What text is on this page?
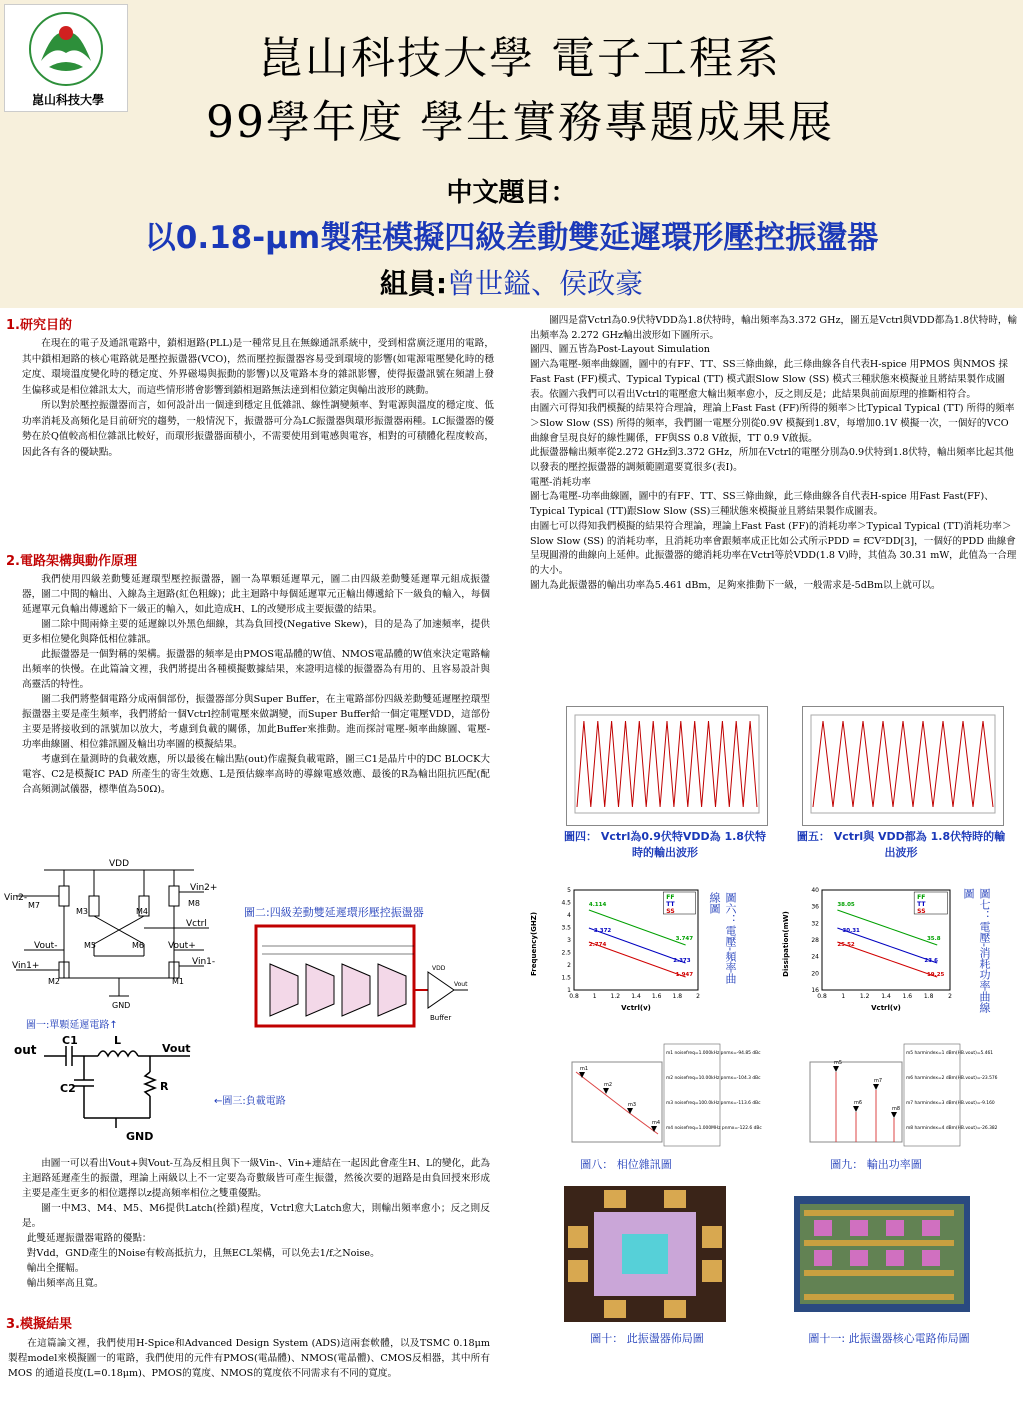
崑山科技大學
崑山科技大學 電子工程系
99學年度 學生實務專題成果展
中文題目：
以0.18-μm製程模擬四級差動雙延遲環形壓控振盪器
組員:曾世鎰、侯政豪
1.研究目的

在現在的電子及通訊電路中，鎖相迴路(PLL)是一種常見且在無線通訊系統中，受到相當廣泛運用的電路，其中鎖相迴路的核心電路就是壓控振盪器(VCO)，然而壓控振盪器容易受到環境的影響(如電源電壓變化時的穩定度、環境溫度變化時的穩定度、外界磁場與振動的影響)以及電路本身的雜訊影響，使得振盪訊號在頻譜上發生偏移或是相位雜訊太大，而這些情形將會影響到鎖相迴路無法達到相位鎖定與輸出波形的跳動。

所以對於壓控振盪器而言，如何設計出一個達到穩定且低雜訊、線性調變頻率、對電源與溫度的穩定度、低功率消耗及高頻化是目前研究的趨勢，一般情況下，振盪器可分為LC振盪器與環形振盪器兩種。LC振盪器的優勢在於Q值較高相位雜訊比較好，而環形振盪器面積小，不需要使用到電感與電容，相對的可積體化程度較高，因此各有各的優缺點。

2.電路架構與動作原理

我們使用四級差動雙延遲環型壓控振盪器，圖一為單顆延遲單元，圖二由四級差動雙延遲單元組成振盪器，圖二中間的輸出、入線為主迴路(紅色粗線)；此主迴路中每個延遲單元正輸出傳遞給下一級負的輸入，每個延遲單元負輸出傳遞給下一級正的輸入，如此造成H、L的改變形成主要振盪的結果。

圖二除中間兩條主要的延遲線以外黑色細線，其為負回授(Negative Skew)，目的是為了加速頻率，提供更多相位變化與降低相位雜訊。

此振盪器是一個對稱的架構。振盪器的頻率是由PMOS電晶體的W值、NMOS電晶體的W值來決定電路輸出頻率的快慢。在此篇論文裡，我們將提出各種模擬數據結果，來證明這樣的振盪器為有用的、且容易設計與高靈活的特性。

圖二我們將整個電路分成兩個部份，振盪器部分與Super Buffer，在主電路部份四級差動雙延遲壓控環型振盪器主要是產生頻率，我們將給一個Vctrl控制電壓來做調變，而Super Buffer給一個定電壓VDD，這部份主要是將接收到的訊號加以放大，考慮到負載的關係，加此Buffer來推動。進而探討電壓-頻率曲線圖、電壓-功率曲線圖、相位雜訊圖及輸出功率圖的模擬結果。

考慮到在量測時的負載效應，所以最後在輸出點(out)作虛擬負載電路，圖三C1是晶片中的DC BLOCK大電容、C2是模擬IC PAD 所產生的寄生效應、L是預估線率高時的導線電感效應、最後的R為輸出阻抗匹配(配合高頻測試儀器，標準值為50Ω)。

VDD
GND
Vin2+
Vin2-
Vctrl
Vout-	Vout+
Vin1+	Vin1-
M1
M2
M3	M4
M5	M6
M7	M8
圖一:單顆延遲電路↑
圖二:四級差動雙延遲環形壓控振盪器
Buffer
VDD
Vout
out
C1	L
Vout
C2	R
GND
←圖三:負載電路

由圖一可以看出Vout+與Vout-互為反相且與下一級Vin-、Vin+連結在一起因此會產生H、L的變化，此為主迴路延遲產生的振盪，理論上兩級以上不一定要為奇數級皆可產生振盪，然後次要的迴路是由負回授來形成主要是產生更多的相位選擇以z提高頻率相位之雙重優點。

圖一中M3、M4、M5、M6提供Latch(拴鎖)程度，Vctrl愈大Latch愈大，則輸出頻率愈小；反之則反是。

此雙延遲振盪器電路的優點：

對Vdd，GND產生的Noise有較高抵抗力，且無ECL架構，可以免去1/f之Noise。

輸出全擺幅。

輸出頻率高且寬。

3.模擬結果

在這篇論文裡，我們使用H-Spice和Advanced Design System (ADS)這兩套軟體，以及TSMC 0.18μm製程model來模擬圖一的電路，我們使用的元件有PMOS(電晶體)、NMOS(電晶體)、CMOS反相器，其中所有MOS 的通道長度(L=0.18μm)、PMOS的寬度、NMOS的寬度依不同需求有不同的寬度。

圖四是當Vctrl為0.9伏特VDD為1.8伏特時，輸出頻率為3.372 GHz，圖五是Vctrl與VDD都為1.8伏特時，輸出頻率為 2.272 GHz輸出波形如下圖所示。

圖四、圖五皆為Post-Layout Simulation

圖六為電壓-頻率曲線圖，圖中的有FF、TT、SS三條曲線，此三條曲線各自代表H-spice 用PMOS 與NMOS 採Fast Fast (FF)模式、Typical Typical (TT) 模式跟Slow Slow (SS) 模式三種狀態來模擬並且將結果製作成圖表。依圖六我們可以看出Vctrl的電壓愈大輸出頻率愈小，反之則反是；此結果與前面原理的推斷相符合。

由圖六可得知我們模擬的結果符合理論，理論上Fast Fast (FF)所得的頻率＞比Typical Typical (TT) 所得的頻率＞Slow Slow (SS) 所得的頻率，我們圖一電壓分別從0.9V 模擬到1.8V，每增加0.1V 模擬一次，一個好的VCO 曲線會呈現良好的線性關係，FF與SS 0.8 V啟振，TT 0.9 V啟振。

此振盪器輸出頻率從2.272 GHz到3.372 GHz，所加在Vctrl的電壓分別為0.9伏特到1.8伏特，輸出頻率比起其他以發表的壓控振盪器的調頻範圍還要寬很多(表I)。

電壓-消耗功率

圖七為電壓-功率曲線圖，圖中的有FF、TT、SS三條曲線，此三條曲線各自代表H-spice 用Fast Fast(FF)、Typical Typical (TT)跟Slow Slow (SS)三種狀態來模擬並且將結果製作成圖表。

由圖七可以得知我們模擬的結果符合理論，理論上Fast Fast (FF)的消耗功率＞Typical Typical (TT)消耗功率＞Slow Slow (SS) 的消耗功率，且消耗功率會跟頻率成正比如公式所示PDD = fCV²DD[3]，一個好的PDD 曲線會呈現圓滑的曲線向上延伸。此振盪器的總消耗功率在Vctrl等於VDD(1.8 V)時，其值為 30.31 mW，此值為一合理的大小。

圖九為此振盪器的輸出功率為5.461 dBm，足夠來推動下一級，一般需求是-5dBm以上就可以。

圖四： Vctrl為0.9伏特VDD為 1.8伏特時的輸出波形
圖五： Vctrl與 VDD都為 1.8伏特時的輸出波形
0.8 1 1.2 1.4 1.6 1.8 2
1
1.5
2
2.5
3
3.5
4
4.5
5
FF
TT
SS
4.114
3.372
2.774
3.747
2.373
1.947
Frequency(GHZ)
Vctrl(v)
圖六：電壓-頻率曲線圖
0.8 1 1.2 1.4 1.6 1.8 2
16
20
24
28
32
36
40
FF
TT
SS
38.05
30.31
25.52
35.8
23.6
19.25
Dissipation(mW)
Vctrl(v)	圖七：電壓-消耗功率曲線圖
m1
m2
m3
m4
m1 noisefreq=1.000kHz pnmx=-94.85 dBc
m2 noisefreq=10.00kHz pnmx=-104.3 dBc
m3 noisefreq=100.0kHz pnmx=-113.6 dBc
m4 noisefreq=1.000MHz pnmx=-122.6 dBc
圖八： 相位雜訊圖
m5
m6
m7
m8
m5 harmindex=1 dBm(HB.vout)=5.461
m6 harmindex=2 dBm(HB.vout)=-23.576
m7 harmindex=3 dBm(HB.vout)=-9.160
m8 harmindex=4 dBm(HB.vout)=-26.382
圖九： 輸出功率圖
圖十： 此振盪器佈局圖	圖十一: 此振盪器核心電路佈局圖
